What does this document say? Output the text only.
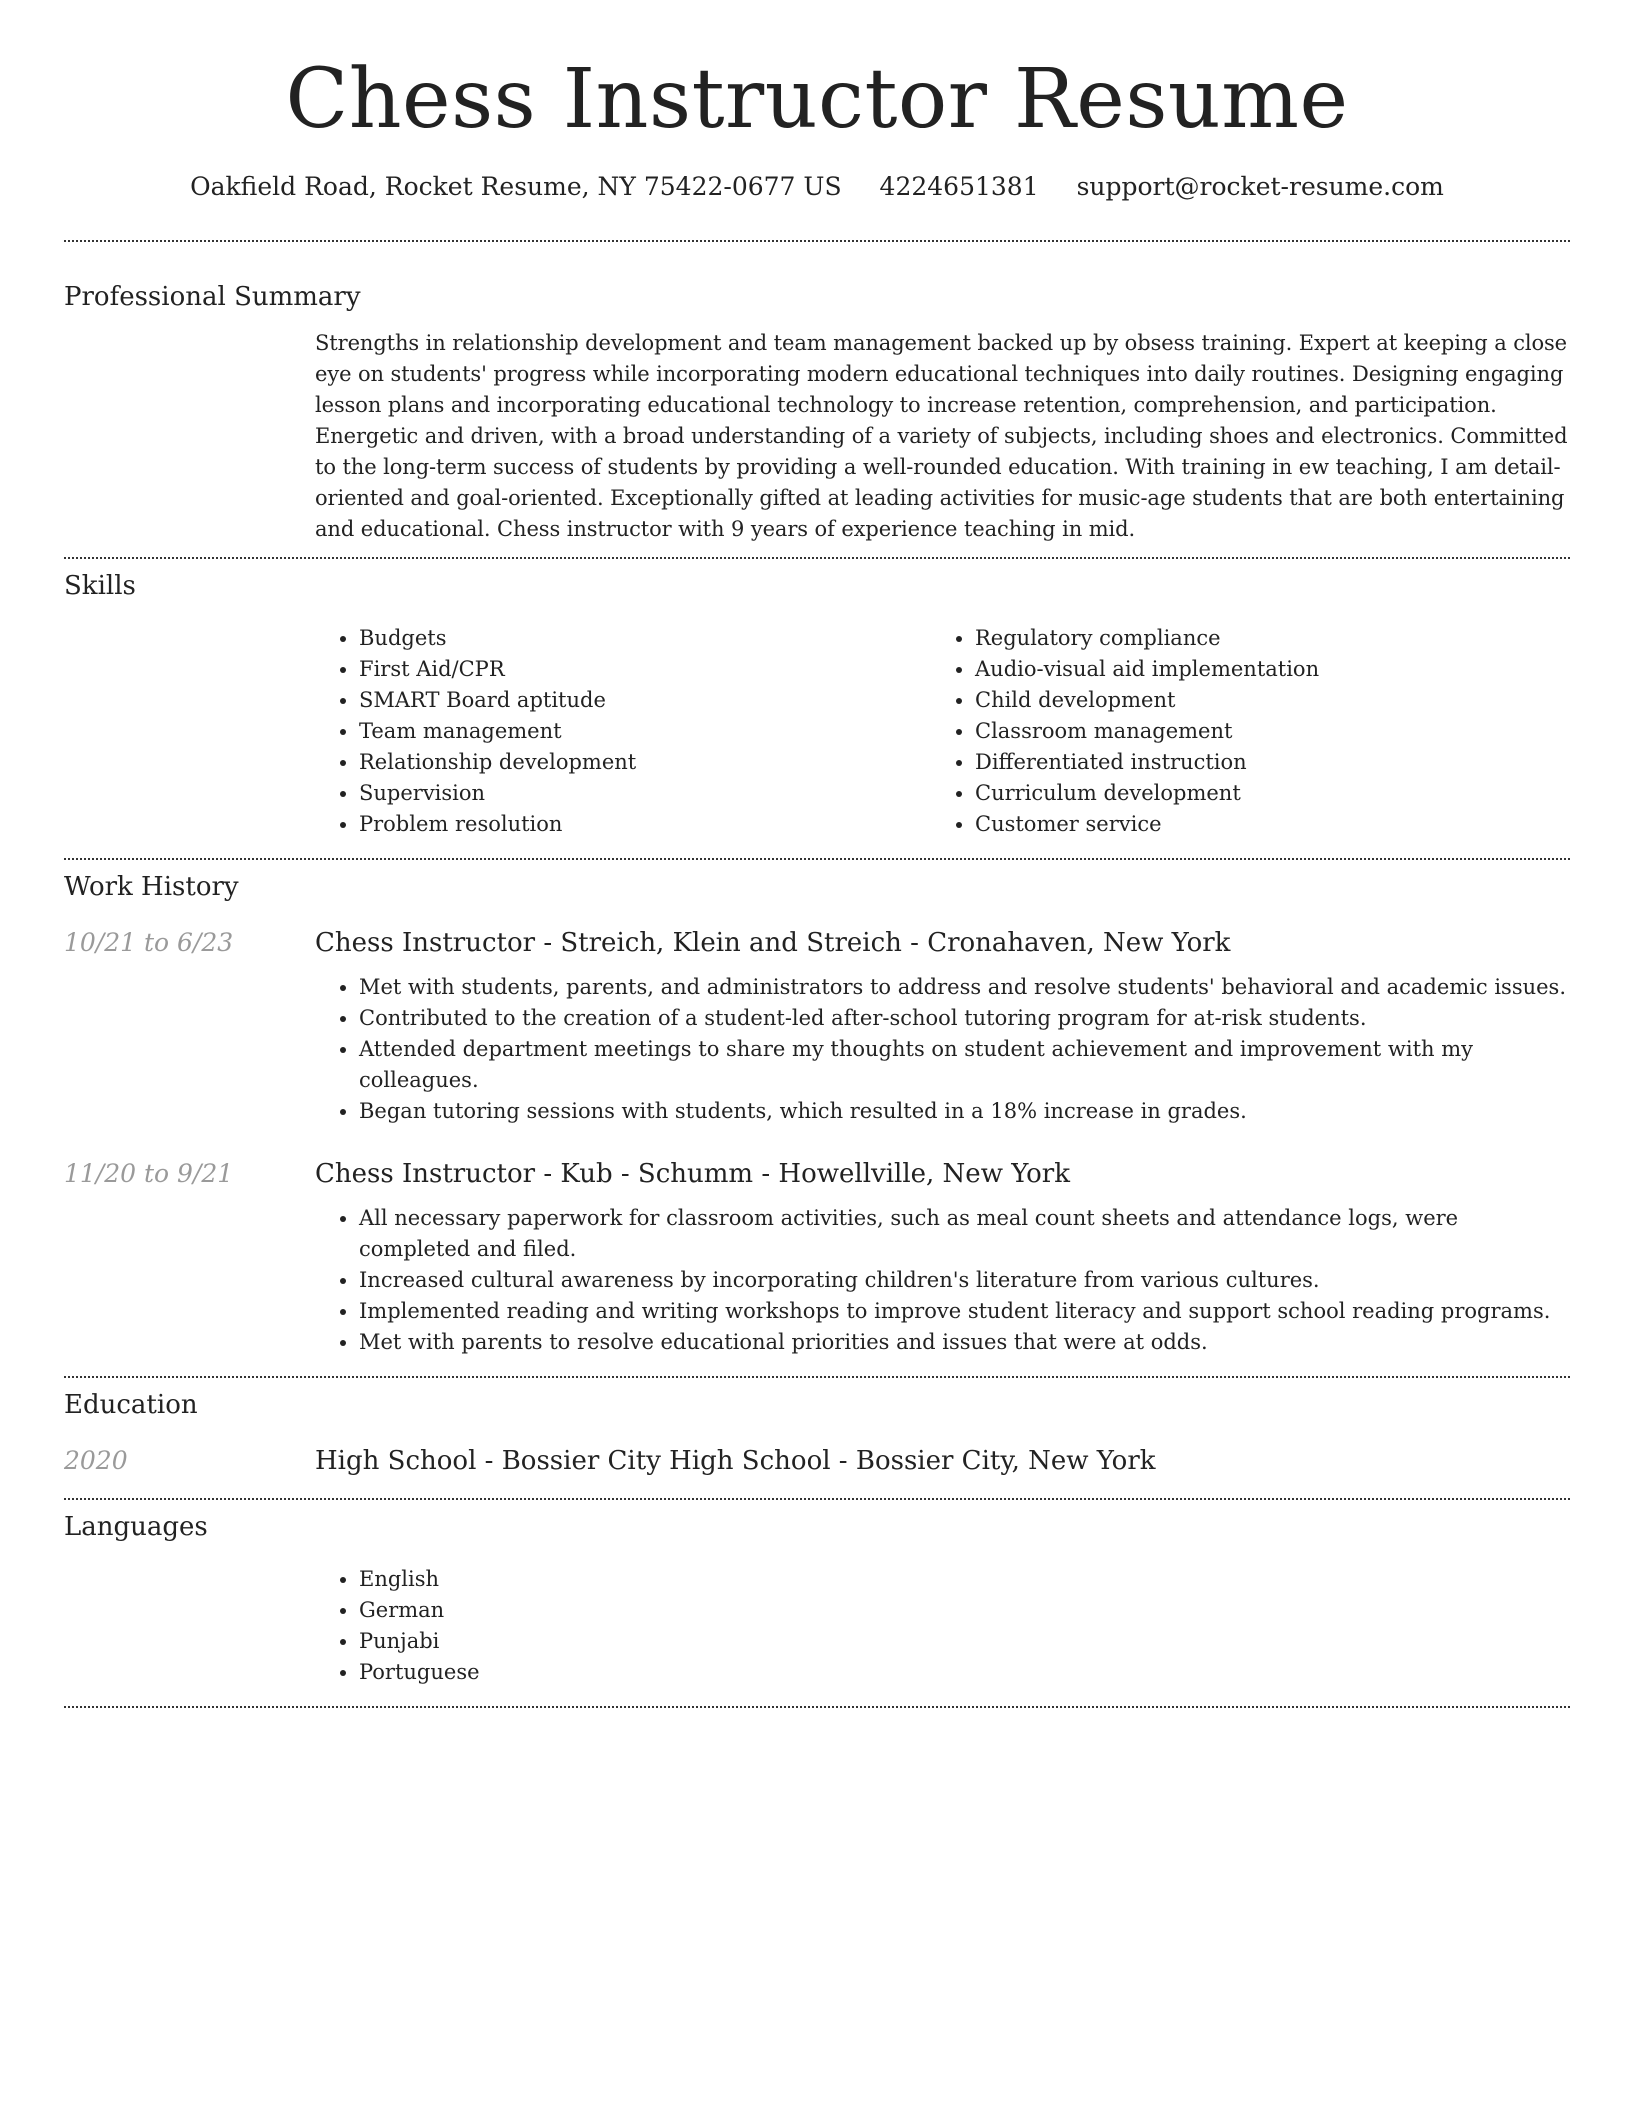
Chess Instructor Resume
Oakfield Road, Rocket Resume, NY 75422-0677 US 4224651381 support@rocket-resume.com
Professional Summary

Strengths in relationship development and team management backed up by obsess training. Expert at keeping a close eye on students' progress while incorporating modern educational techniques into daily routines. Designing engaging lesson plans and incorporating educational technology to increase retention, comprehension, and participation. Energetic and driven, with a broad understanding of a variety of subjects, including shoes and electronics. Committed to the long-term success of students by providing a well-rounded education. With training in ew teaching, I am detail-oriented and goal-oriented. Exceptionally gifted at leading activities for music-age students that are both entertaining and educational. Chess instructor with 9 years of experience teaching in mid.

Skills
• Budgets
• First Aid/CPR
• SMART Board aptitude
• Team management
• Relationship development
• Supervision
• Problem resolution
• Regulatory compliance
• Audio-visual aid implementation
• Child development
• Classroom management
• Differentiated instruction
• Curriculum development
• Customer service
Work History
10/21 to 6/23	Chess Instructor - Streich, Klein and Streich - Cronahaven, New York
• Met with students, parents, and administrators to address and resolve students' behavioral and academic issues.
• Contributed to the creation of a student-led after-school tutoring program for at-risk students.
• Attended department meetings to share my thoughts on student achievement and improvement with my colleagues.
• Began tutoring sessions with students, which resulted in a 18% increase in grades.
11/20 to 9/21	Chess Instructor - Kub - Schumm - Howellville, New York
• All necessary paperwork for classroom activities, such as meal count sheets and attendance logs, were completed and filed.
• Increased cultural awareness by incorporating children's literature from various cultures.
• Implemented reading and writing workshops to improve student literacy and support school reading programs.
• Met with parents to resolve educational priorities and issues that were at odds.
Education
2020	High School - Bossier City High School - Bossier City, New York
Languages
• English
• German
• Punjabi
• Portuguese
